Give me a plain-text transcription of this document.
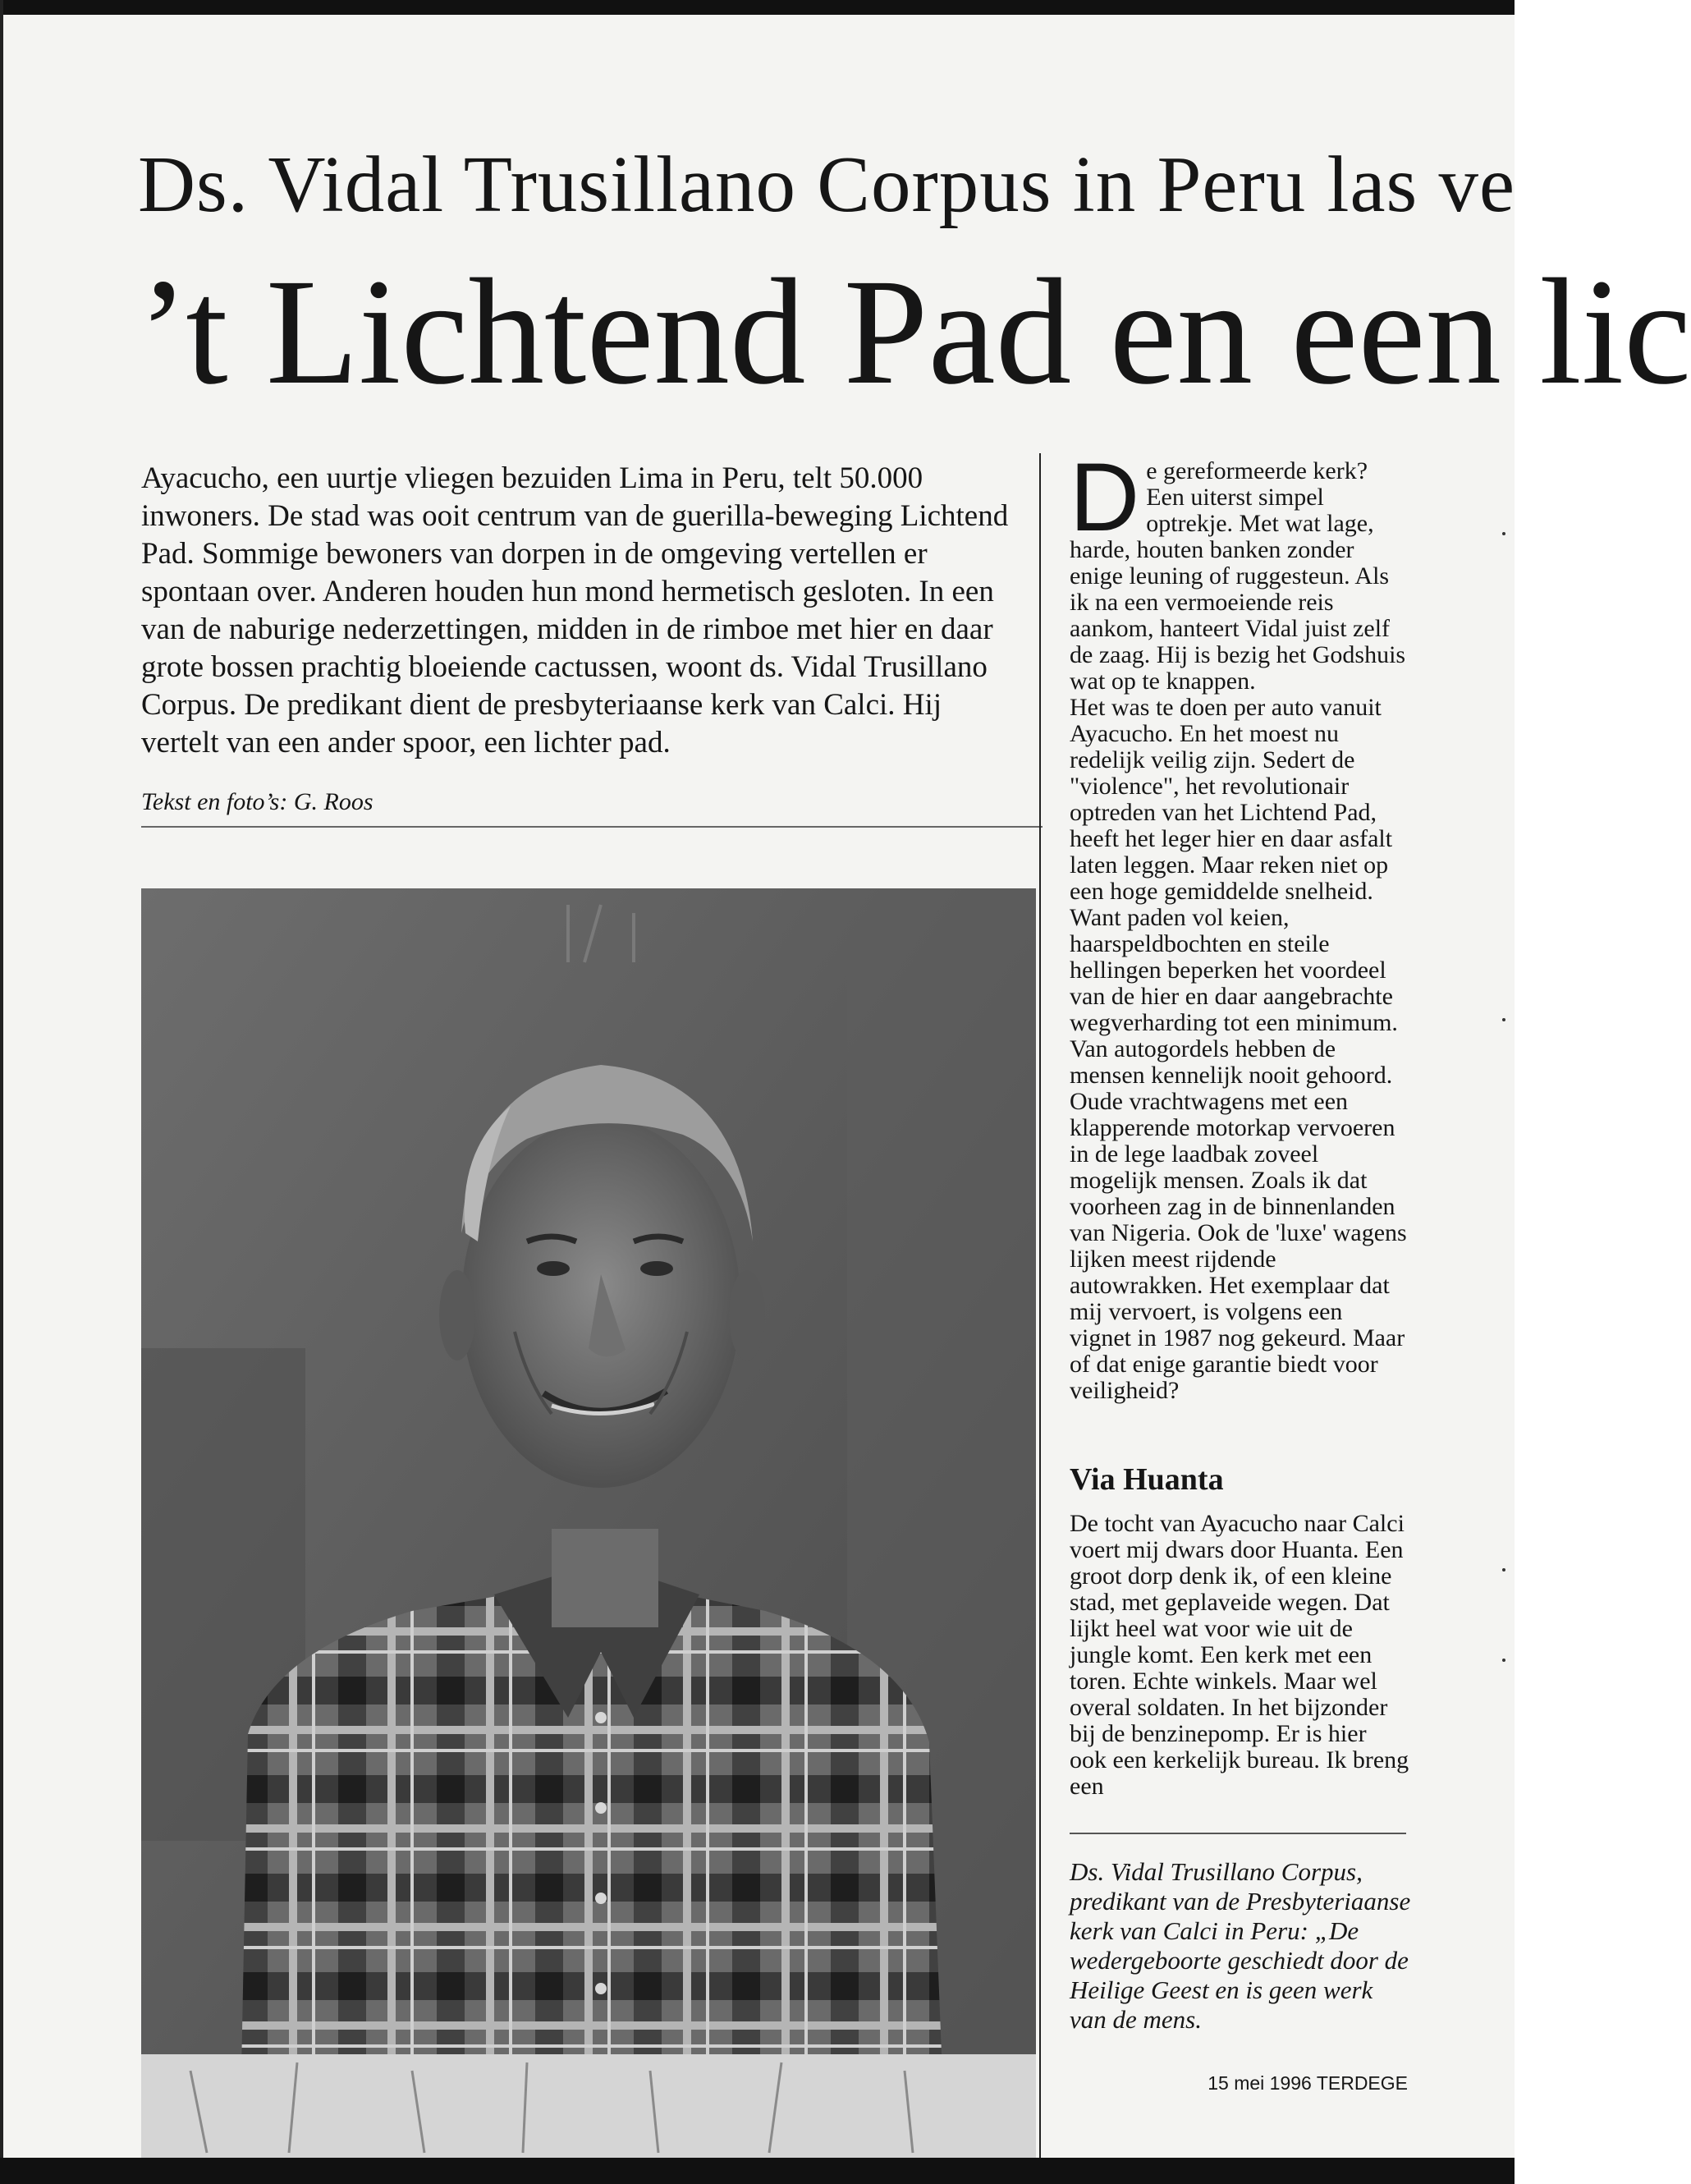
Ds. Vidal Trusillano Corpus in Peru las ve
’t Lichtend Pad en een lic

Ayacucho, een uurtje vliegen bezuiden Lima in Peru, telt 50.000 inwoners. De stad was ooit centrum van de guerilla-beweging Lichtend Pad. Sommige bewoners van dorpen in de omgeving vertellen er spontaan over. Anderen houden hun mond hermetisch gesloten. In een van de naburige nederzettingen, midden in de rimboe met hier en daar grote bossen prachtig bloeiende cactussen, woont ds. Vidal Trusillano Corpus. De predikant dient de presbyteriaanse kerk van Calci. Hij vertelt van een ander spoor, een lichter pad.

Tekst en foto’s: G. Roos
D e gereformeerde kerk? Een uiterst simpel optrekje. Met wat lage, harde, houten banken zonder enige leuning of ruggesteun. Als ik na een vermoeiende reis aankom, hanteert Vidal juist zelf de zaag. Hij is bezig het Godshuis wat op te knappen.

Het was te doen per auto vanuit Ayacucho. En het moest nu redelijk veilig zijn. Sedert de "violence", het revolutionair optreden van het Lichtend Pad, heeft het leger hier en daar asfalt laten leggen. Maar reken niet op een hoge gemiddelde snelheid. Want paden vol keien, haarspeldbochten en steile hellingen beperken het voordeel van de hier en daar aangebrachte wegverharding tot een minimum. Van autogordels hebben de mensen kennelijk nooit gehoord. Oude vrachtwagens met een klapperende motorkap vervoeren in de lege laadbak zoveel mogelijk mensen. Zoals ik dat voorheen zag in de binnenlanden van Nigeria. Ook de 'luxe' wagens lijken meest rijdende autowrakken. Het exemplaar dat mij vervoert, is volgens een vignet in 1987 nog gekeurd. Maar of dat enige garantie biedt voor veiligheid?

Via Huanta

De tocht van Ayacucho naar Calci voert mij dwars door Huanta. Een groot dorp denk ik, of een kleine stad, met geplaveide wegen. Dat lijkt heel wat voor wie uit de jungle komt. Een kerk met een toren. Echte winkels. Maar wel overal soldaten. In het bijzonder bij de benzinepomp. Er is hier ook een kerkelijk bureau. Ik breng een

Ds. Vidal Trusillano Corpus, predikant van de Presbyteriaanse kerk van Calci in Peru: „De wedergeboorte geschiedt door de Heilige Geest en is geen werk van de mens.
15 mei 1996 TERDEGE
